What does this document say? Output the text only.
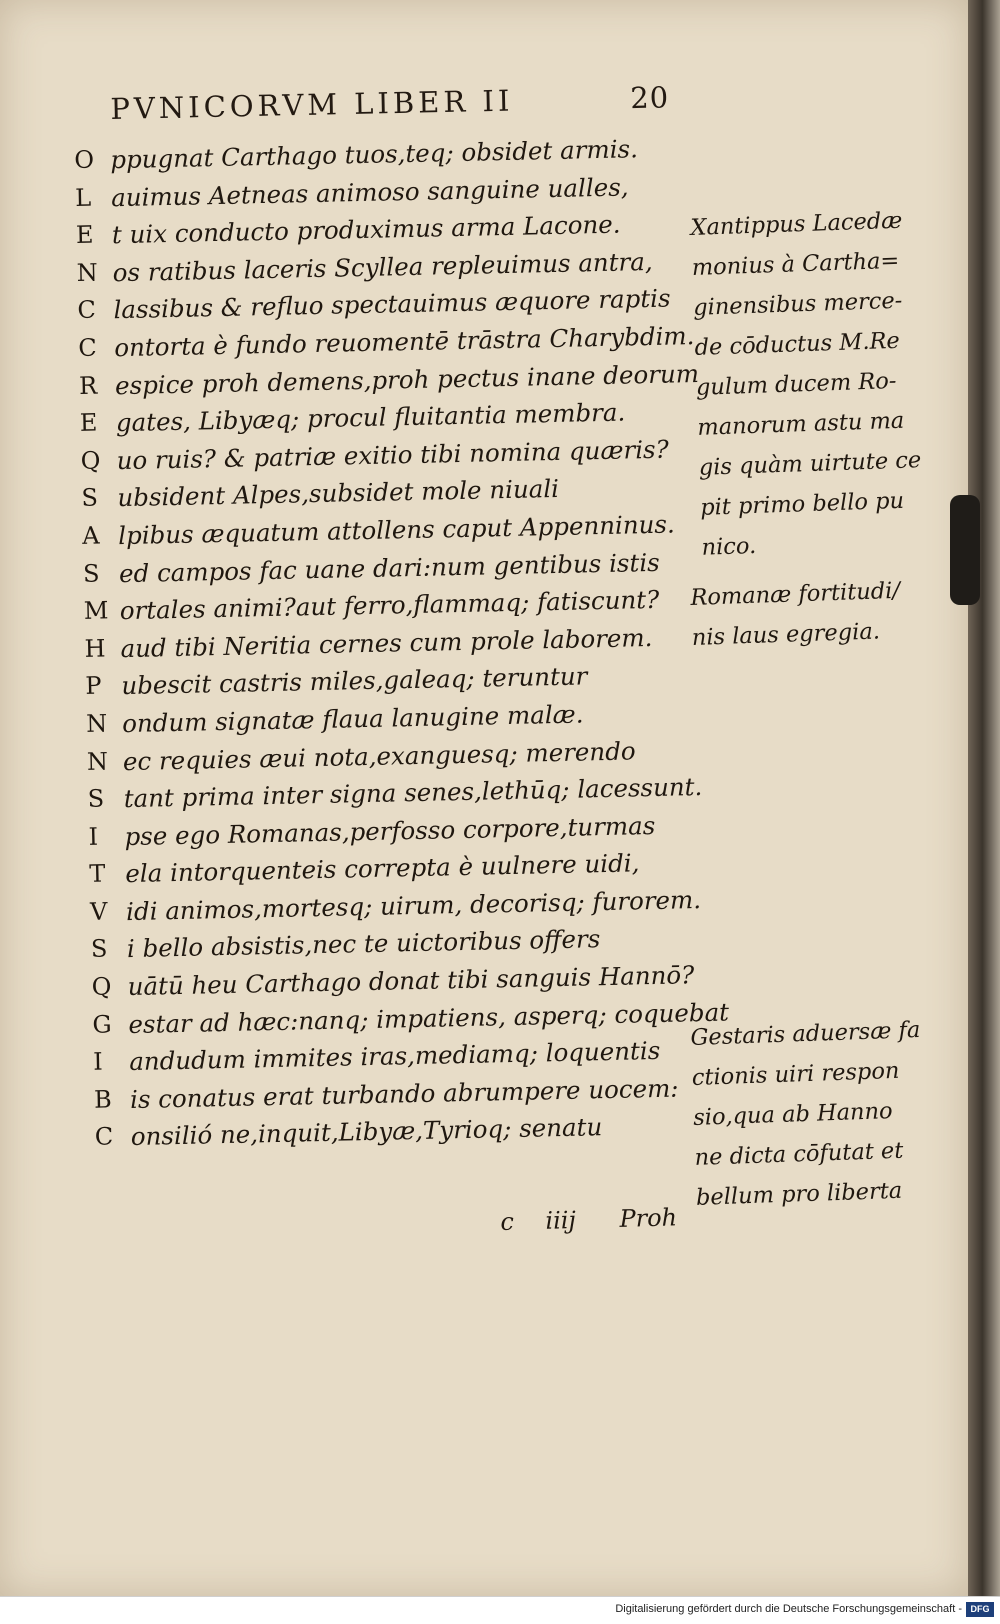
PVNICORVM LIBER II	20
O ppugnat Carthago tuos,teq; obsidet armis.
L auimus Aetneas animoso sanguine ualles,
E t uix conducto produximus arma Lacone.
N os ratibus laceris Scyllea repleuimus antra,
C lassibus & refluo spectauimus æquore raptis
C ontorta è fundo reuomentē trāstra Charybdim.
R espice proh demens,proh pectus inane deorum
E gates, Libyæq; procul fluitantia membra.
Q uo ruis? & patriæ exitio tibi nomina quæris?
S ubsident Alpes,subsidet mole niuali
A lpibus æquatum attollens caput Appenninus.
S ed campos fac uane dari:num gentibus istis
M ortales animi?aut ferro,flammaq; fatiscunt?
H aud tibi Neritia cernes cum prole laborem.
P ubescit castris miles,galeaq; teruntur
N ondum signatæ flaua lanugine malæ.
N ec requies æui nota,exanguesq; merendo
S tant prima inter signa senes,lethūq; lacessunt.
I pse ego Romanas,perfosso corpore,turmas
T ela intorquenteis correpta è uulnere uidi,
V idi animos,mortesq; uirum, decorisq; furorem.
S i bello absistis,nec te uictoribus offers
Q uātū heu Carthago donat tibi sanguis Hannō?
G estar ad hæc:nanq; impatiens, asperq; coquebat
I andudum immites iras,mediamq; loquentis
B is conatus erat turbando abrumpere uocem:
C onsilió ne,inquit,Libyæ,Tyrioq; senatu
c iiij Proh
Xantippus Lacedæ
monius à Cartha=
ginensibus merce-
de cōductus M.Re
gulum ducem Ro-
manorum astu ma
gis quàm uirtute ce
pit primo bello pu
nico.
Romanæ fortitudi/
nis laus egregia.
Gestaris aduersæ fa
ctionis uiri respon
sio,qua ab Hanno
ne dicta cōfutat et
bellum pro liberta
Digitalisierung gefördert durch die Deutsche Forschungsgemeinschaft - DFG
